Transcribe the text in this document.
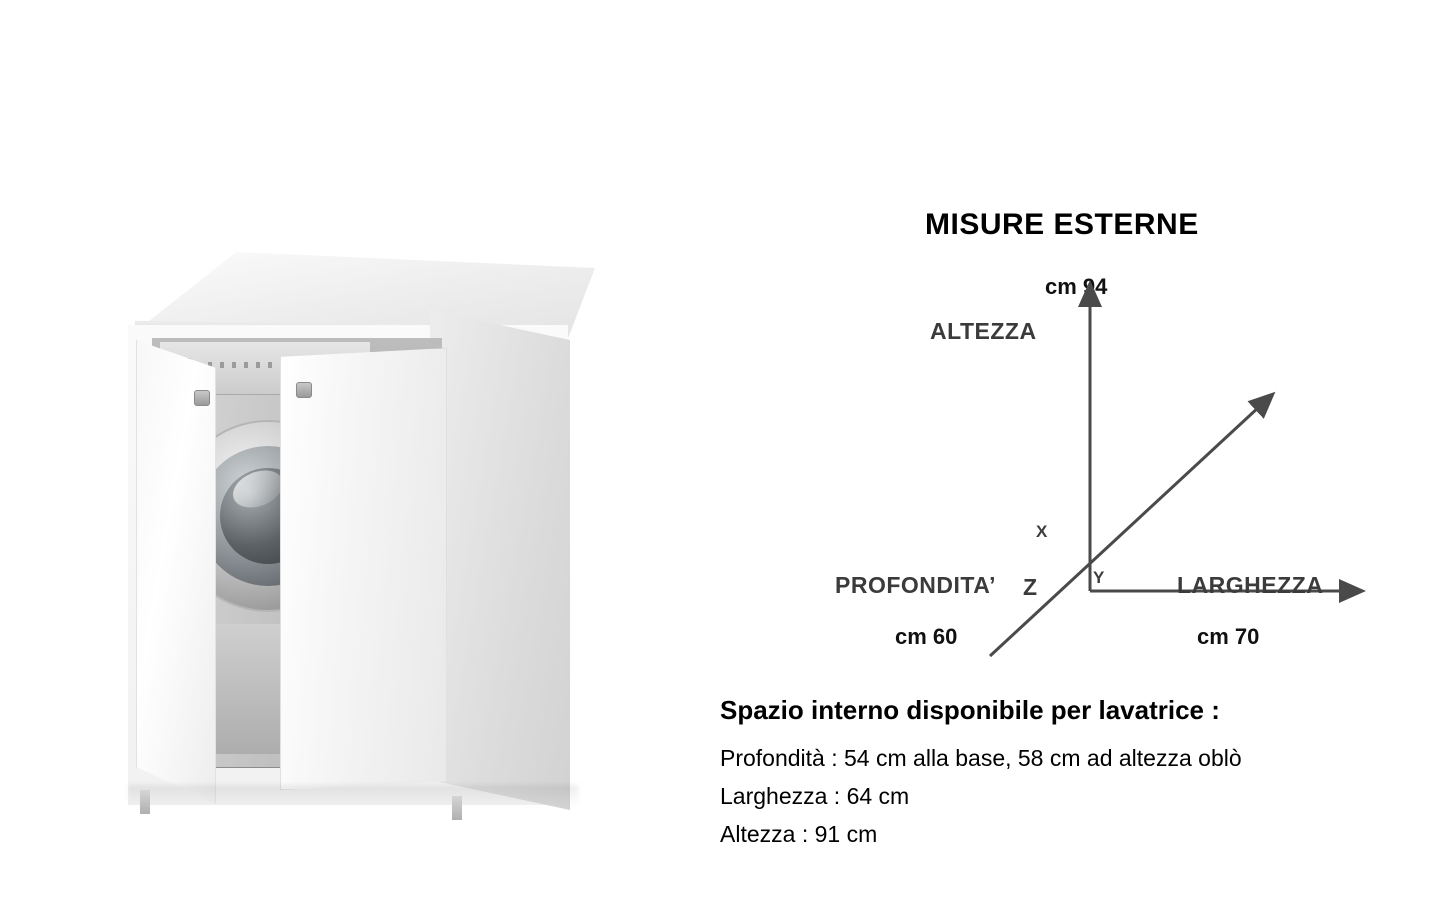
MISURE ESTERNE
cm 94
ALTEZZA
PROFONDITA’	LARGHEZZA
X
Y
Z
cm 60	cm 70
Spazio interno disponibile per lavatrice :
Profondità : 54 cm alla base, 58 cm ad altezza oblò
Larghezza : 64 cm
Altezza : 91 cm
